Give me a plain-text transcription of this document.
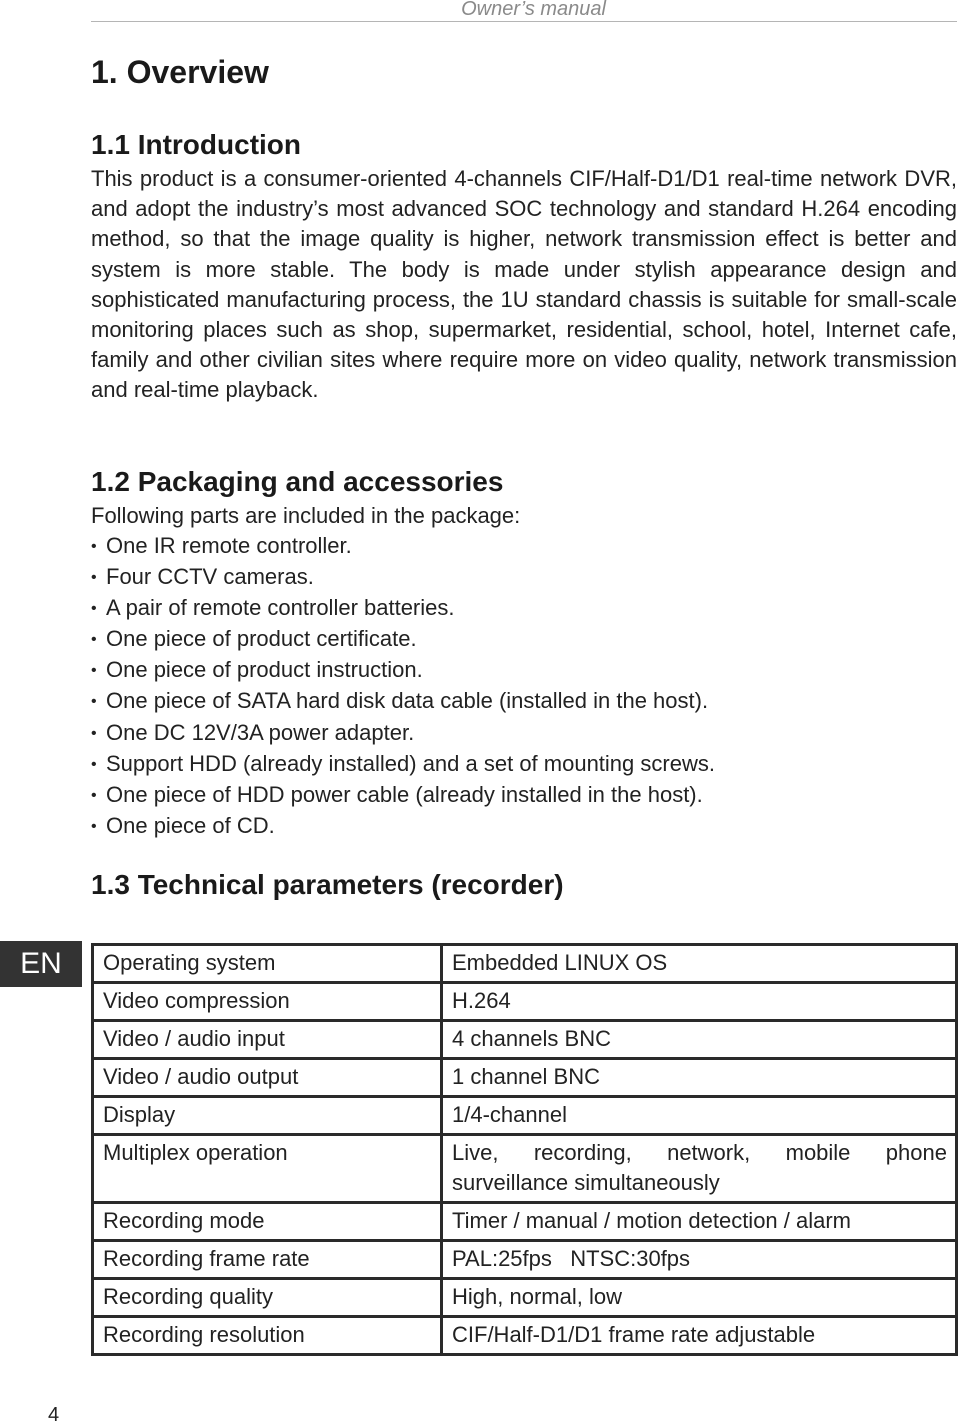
Owner’s manual
1. Overview
1.1 Introduction

This product is a consumer-oriented 4-channels CIF/Half-D1/D1 real-time network DVR, and adopt the industry’s most advanced SOC technology and standard H.264 encoding method, so that the image quality is higher, network transmission effect is better and system is more stable. The body is made under stylish appearance design and sophisticated manufacturing process, the 1U standard chassis is suitable for small-scale monitoring places such as shop, supermarket, residential, school, hotel, Internet cafe, family and other civilian sites where require more on video quality, network transmission and real-time playback.

1.2 Packaging and accessories

Following parts are included in the package:

• One IR remote controller.
• Four CCTV cameras.
• A pair of remote controller batteries.
• One piece of product certificate.
• One piece of product instruction.
• One piece of SATA hard disk data cable (installed in the host).
• One DC 12V/3A power adapter.
• Support HDD (already installed) and a set of mounting screws.
• One piece of HDD power cable (already installed in the host).
• One piece of CD.
1.3 Technical parameters (recorder)
EN	Operating system	Embedded LINUX OS
Video compression	H.264
Video / audio input	4 channels BNC
Video / audio output	1 channel BNC
Display	1/4-channel
Multiplex operation	Live, recording, network, mobile phone surveillance simultaneously
Recording mode	Timer / manual / motion detection / alarm
Recording frame rate	PAL:25fps   NTSC:30fps
Recording quality	High, normal, low
Recording resolution	CIF/Half-D1/D1 frame rate adjustable
4
